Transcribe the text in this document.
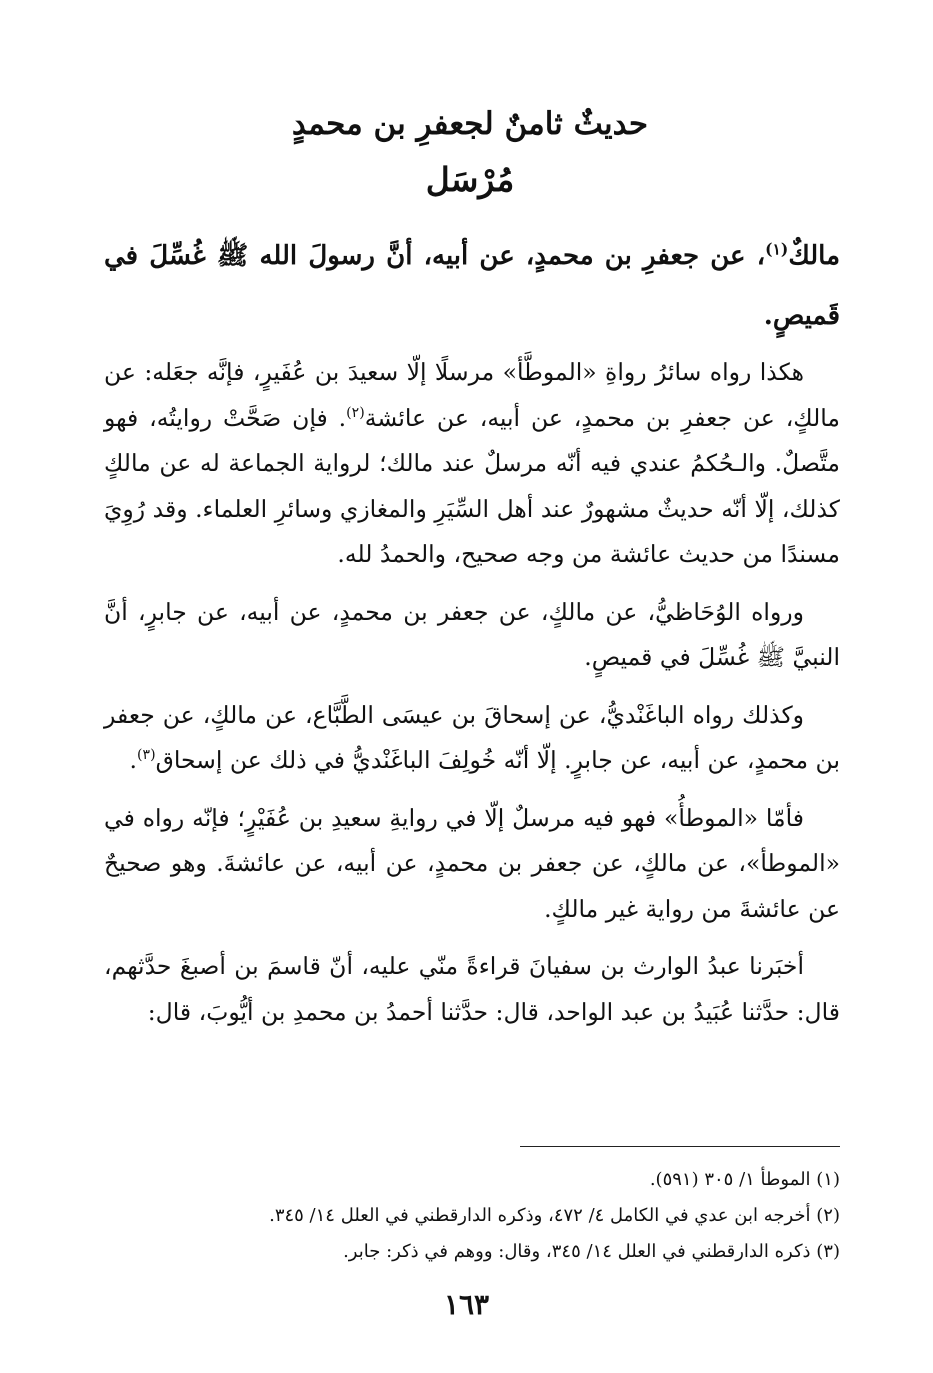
حديثٌ ثامنٌ لجعفرِ بن محمدٍ
مُرْسَل

مالكٌ$^{(١)}$، عن جعفرِ بن محمدٍ، عن أبيه، أنَّ رسولَ الله ﷺ غُسِّلَ في قَميصٍ.

هكذا رواه سائرُ رواةِ «الموطَّأ» مرسلًا إلّا سعيدَ بن عُفَيرٍ، فإنَّه جعَله: عن مالكٍ، عن جعفرِ بن محمدٍ، عن أبيه، عن عائشة$^{(٢)}$. فإن صَحَّتْ روايتُه، فهو متَّصلٌ. والـحُكمُ عندي فيه أنّه مرسلٌ عند مالك؛ لرواية الجماعة له عن مالكٍ كذلك، إلّا أنّه حديثٌ مشهورٌ عند أهل السِّيَرِ والمغازي وسائرِ العلماء. وقد رُوِيَ مسندًا من حديث عائشة من وجه صحيح، والحمدُ لله.

ورواه الوُحَاظيُّ، عن مالكٍ، عن جعفر بن محمدٍ، عن أبيه، عن جابرٍ، أنَّ النبيَّ ﷺ غُسِّلَ في قميصٍ.

وكذلك رواه الباغَنْديُّ، عن إسحاقَ بن عيسَى الطَّبَّاع، عن مالكٍ، عن جعفر بن محمدٍ، عن أبيه، عن جابرٍ. إلّا أنّه خُولِفَ الباغَنْديُّ في ذلك عن إسحاق$^{(٣)}$.

فأمّا «الموطأُ» فهو فيه مرسلٌ إلّا في روايةِ سعيدِ بن عُفَيْرٍ؛ فإنّه رواه في «الموطأ»، عن مالكٍ، عن جعفر بن محمدٍ، عن أبيه، عن عائشةَ. وهو صحيحٌ عن عائشةَ من رواية غير مالكٍ.

أخبَرنا عبدُ الوارث بن سفيانَ قراءةً منّي عليه، أنّ قاسمَ بن أصبغَ حدَّثهم، قال: حدَّثنا عُبَيدُ بن عبد الواحد، قال: حدَّثنا أحمدُ بن محمدِ بن أيُّوبَ، قال:

(١) الموطأ ١/ ٣٠٥ (٥٩١).
(٢) أخرجه ابن عدي في الكامل ٤/ ٤٧٢، وذكره الدارقطني في العلل ١٤/ ٣٤٥.
(٣) ذكره الدارقطني في العلل ١٤/ ٣٤٥، وقال: ووهم في ذكر: جابر.
١٦٣
